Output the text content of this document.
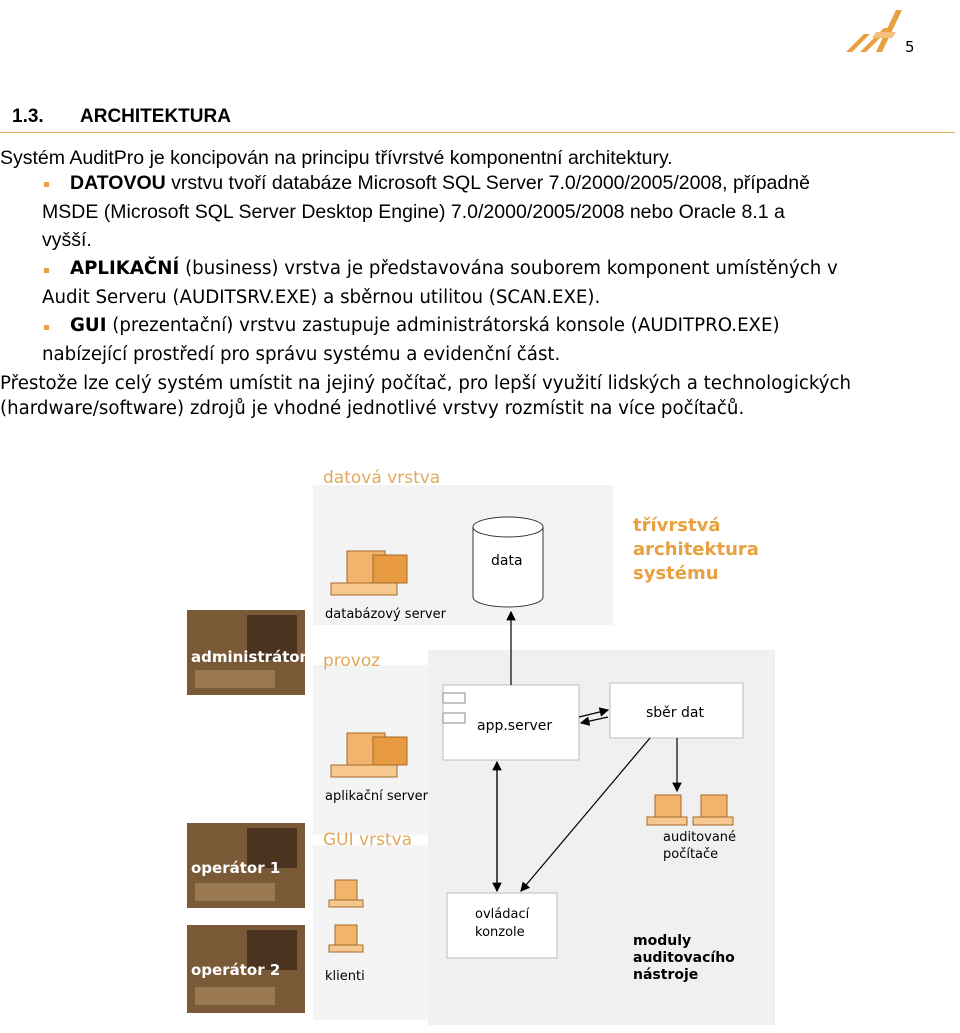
5
1.3. ARCHITEKTURA
Systém AuditPro je koncipován na principu třívrstvé komponentní architektury.
DATOVOU vrstvu tvoří databáze Microsoft SQL Server 7.0/2000/2005/2008, případně
MSDE (Microsoft SQL Server Desktop Engine) 7.0/2000/2005/2008 nebo Oracle 8.1 a
vyšší.
APLIKAČNÍ (business) vrstva je představována souborem komponent umístěných v
Audit Serveru (AUDITSRV.EXE) a sběrnou utilitou (SCAN.EXE).
GUI (prezentační) vrstvu zastupuje administrátorská konsole (AUDITPRO.EXE)
nabízející prostředí pro správu systému a evidenční část.
Přestože lze celý systém umístit na jejiný počítač, pro lepší využití lidských a technologických
(hardware/software) zdrojů je vhodné jednotlivé vrstvy rozmístit na více počítačů.
datová vrstva
provoz
GUI vrstva
třívrstvá
architektura
systému
data
databázový server
administrátor
app.server
aplikační server
sběr dat
auditované
počítače
operátor 1
operátor 2	klienti
ovládací
konzole
moduly
auditovacího
nástroje
